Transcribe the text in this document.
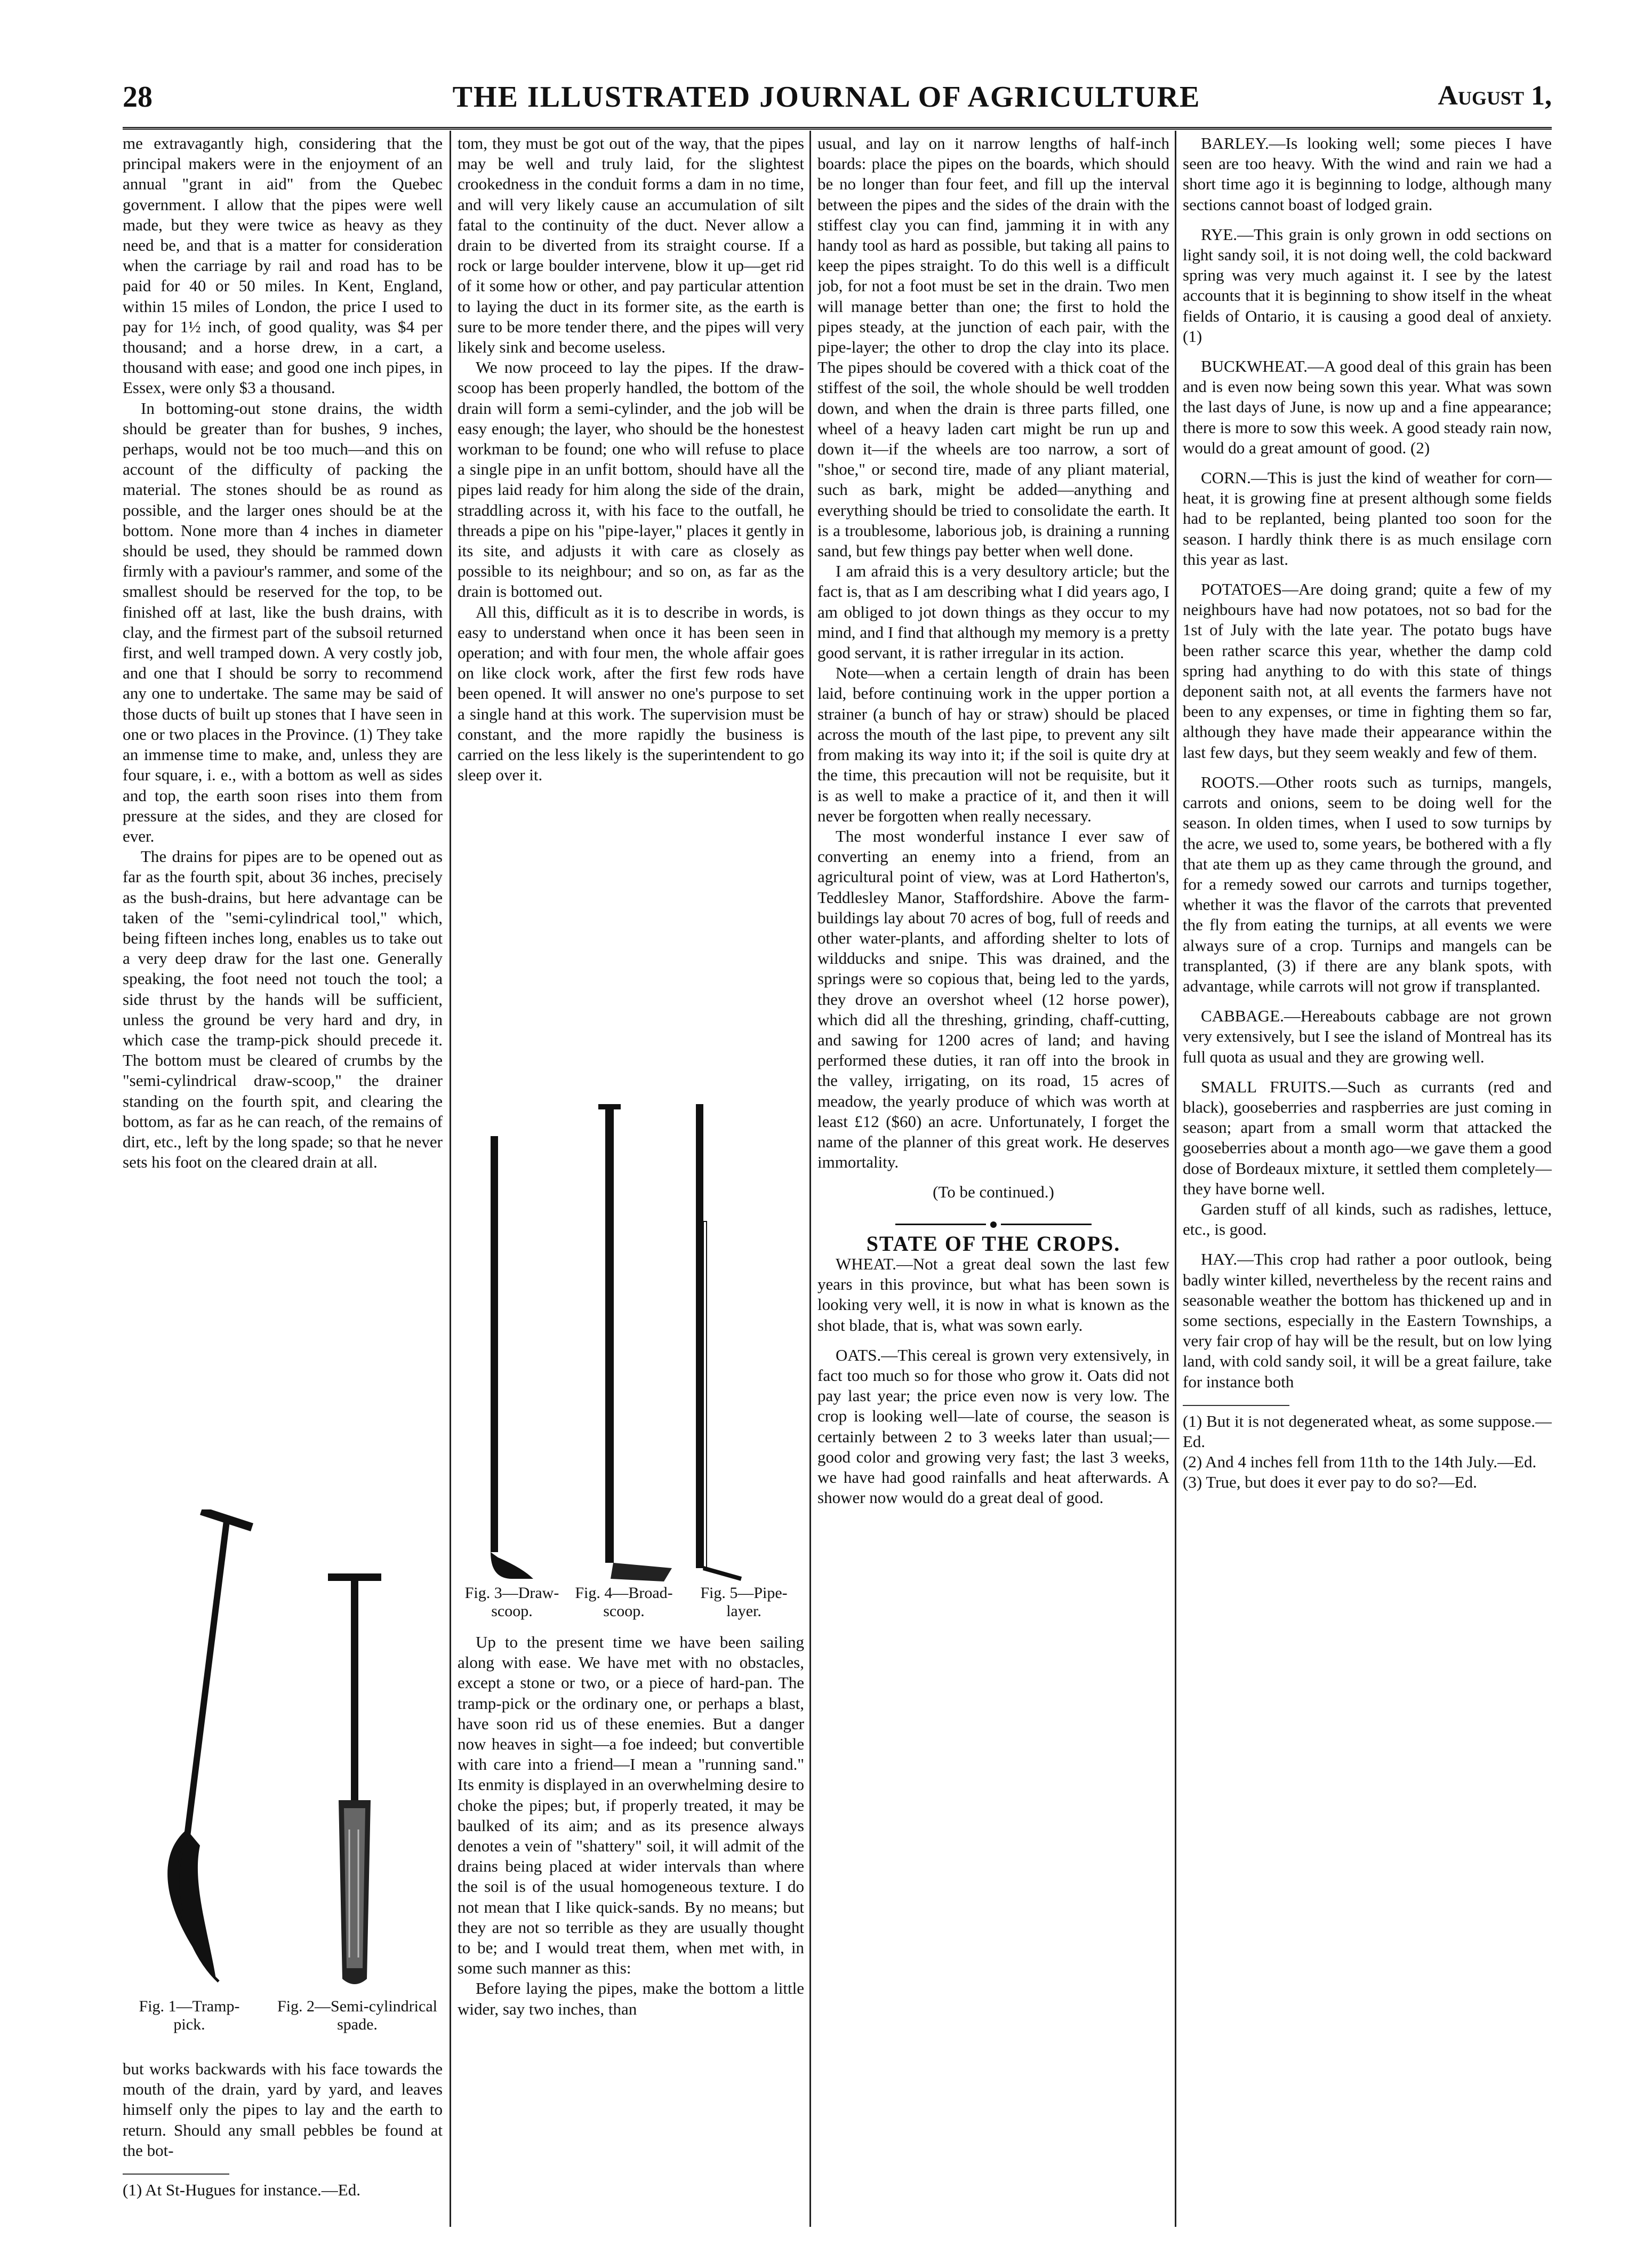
28	THE ILLUSTRATED JOURNAL OF AGRICULTURE	August 1,

me extravagantly high, considering that the principal makers were in the enjoyment of an annual "grant in aid" from the Quebec government. I allow that the pipes were well made, but they were twice as heavy as they need be, and that is a matter for consideration when the carriage by rail and road has to be paid for 40 or 50 miles. In Kent, England, within 15 miles of London, the price I used to pay for 1½ inch, of good quality, was $4 per thousand; and a horse drew, in a cart, a thousand with ease; and good one inch pipes, in Essex, were only $3 a thousand.

In bottoming-out stone drains, the width should be greater than for bushes, 9 inches, perhaps, would not be too much—and this on account of the difficulty of packing the material. The stones should be as round as possible, and the larger ones should be at the bottom. None more than 4 inches in diameter should be used, they should be rammed down firmly with a paviour's rammer, and some of the smallest should be reserved for the top, to be finished off at last, like the bush drains, with clay, and the firmest part of the subsoil returned first, and well tramped down. A very costly job, and one that I should be sorry to recommend any one to undertake. The same may be said of those ducts of built up stones that I have seen in one or two places in the Province. (1) They take an immense time to make, and, unless they are four square, i. e., with a bottom as well as sides and top, the earth soon rises into them from pressure at the sides, and they are closed for ever.

The drains for pipes are to be opened out as far as the fourth spit, about 36 inches, precisely as the bush-drains, but here advantage can be taken of the "semi-cylindrical tool," which, being fifteen inches long, enables us to take out a very deep draw for the last one. Generally speaking, the foot need not touch the tool; a side thrust by the hands will be sufficient, unless the ground be very hard and dry, in which case the tramp-pick should precede it. The bottom must be cleared of crumbs by the "semi-cylindrical draw-scoop," the drainer standing on the fourth spit, and clearing the bottom, as far as he can reach, of the remains of dirt, etc., left by the long spade; so that he never sets his foot on the cleared drain at all.

Fig. 1—Tramp-pick.
Fig. 2—Semi-cylindrical spade.

but works backwards with his face towards the mouth of the drain, yard by yard, and leaves himself only the pipes to lay and the earth to return. Should any small pebbles be found at the bot-

(1) At St-Hugues for instance.—Ed.

tom, they must be got out of the way, that the pipes may be well and truly laid, for the slightest crookedness in the conduit forms a dam in no time, and will very likely cause an accumulation of silt fatal to the continuity of the duct. Never allow a drain to be diverted from its straight course. If a rock or large boulder intervene, blow it up—get rid of it some how or other, and pay particular attention to laying the duct in its former site, as the earth is sure to be more tender there, and the pipes will very likely sink and become useless.

We now proceed to lay the pipes. If the draw-scoop has been properly handled, the bottom of the drain will form a semi-cylinder, and the job will be easy enough; the layer, who should be the honestest workman to be found; one who will refuse to place a single pipe in an unfit bottom, should have all the pipes laid ready for him along the side of the drain, straddling across it, with his face to the outfall, he threads a pipe on his "pipe-layer," places it gently in its site, and adjusts it with care as closely as possible to its neighbour; and so on, as far as the drain is bottomed out.

All this, difficult as it is to describe in words, is easy to understand when once it has been seen in operation; and with four men, the whole affair goes on like clock work, after the first few rods have been opened. It will answer no one's purpose to set a single hand at this work. The supervision must be constant, and the more rapidly the business is carried on the less likely is the superintendent to go sleep over it.

Fig. 3—Draw-scoop.
Fig. 4—Broad-scoop.
Fig. 5—Pipe-layer.

Up to the present time we have been sailing along with ease. We have met with no obstacles, except a stone or two, or a piece of hard-pan. The tramp-pick or the ordinary one, or perhaps a blast, have soon rid us of these enemies. But a danger now heaves in sight—a foe indeed; but convertible with care into a friend—I mean a "running sand." Its enmity is displayed in an overwhelming desire to choke the pipes; but, if properly treated, it may be baulked of its aim; and as its presence always denotes a vein of "shattery" soil, it will admit of the drains being placed at wider intervals than where the soil is of the usual homogeneous texture. I do not mean that I like quick-sands. By no means; but they are not so terrible as they are usually thought to be; and I would treat them, when met with, in some such manner as this:

Before laying the pipes, make the bottom a little wider, say two inches, than

usual, and lay on it narrow lengths of half-inch boards: place the pipes on the boards, which should be no longer than four feet, and fill up the interval between the pipes and the sides of the drain with the stiffest clay you can find, jamming it in with any handy tool as hard as possible, but taking all pains to keep the pipes straight. To do this well is a difficult job, for not a foot must be set in the drain. Two men will manage better than one; the first to hold the pipes steady, at the junction of each pair, with the pipe-layer; the other to drop the clay into its place. The pipes should be covered with a thick coat of the stiffest of the soil, the whole should be well trodden down, and when the drain is three parts filled, one wheel of a heavy laden cart might be run up and down it—if the wheels are too narrow, a sort of "shoe," or second tire, made of any pliant material, such as bark, might be added—anything and everything should be tried to consolidate the earth. It is a troublesome, laborious job, is draining a running sand, but few things pay better when well done.

I am afraid this is a very desultory article; but the fact is, that as I am describing what I did years ago, I am obliged to jot down things as they occur to my mind, and I find that although my memory is a pretty good servant, it is rather irregular in its action.

Note—when a certain length of drain has been laid, before continuing work in the upper portion a strainer (a bunch of hay or straw) should be placed across the mouth of the last pipe, to prevent any silt from making its way into it; if the soil is quite dry at the time, this precaution will not be requisite, but it is as well to make a practice of it, and then it will never be forgotten when really necessary.

The most wonderful instance I ever saw of converting an enemy into a friend, from an agricultural point of view, was at Lord Hatherton's, Teddlesley Manor, Staffordshire. Above the farm-buildings lay about 70 acres of bog, full of reeds and other water-plants, and affording shelter to lots of wildducks and snipe. This was drained, and the springs were so copious that, being led to the yards, they drove an overshot wheel (12 horse power), which did all the threshing, grinding, chaff-cutting, and sawing for 1200 acres of land; and having performed these duties, it ran off into the brook in the valley, irrigating, on its road, 15 acres of meadow, the yearly produce of which was worth at least £12 ($60) an acre. Unfortunately, I forget the name of the planner of this great work. He deserves immortality.

(To be continued.)

STATE OF THE CROPS.

WHEAT.—Not a great deal sown the last few years in this province, but what has been sown is looking very well, it is now in what is known as the shot blade, that is, what was sown early.

OATS.—This cereal is grown very extensively, in fact too much so for those who grow it. Oats did not pay last year; the price even now is very low. The crop is looking well—late of course, the season is certainly between 2 to 3 weeks later than usual;—good color and growing very fast; the last 3 weeks, we have had good rainfalls and heat afterwards. A shower now would do a great deal of good.

BARLEY.—Is looking well; some pieces I have seen are too heavy. With the wind and rain we had a short time ago it is beginning to lodge, although many sections cannot boast of lodged grain.

RYE.—This grain is only grown in odd sections on light sandy soil, it is not doing well, the cold backward spring was very much against it. I see by the latest accounts that it is beginning to show itself in the wheat fields of Ontario, it is causing a good deal of anxiety. (1)

BUCKWHEAT.—A good deal of this grain has been and is even now being sown this year. What was sown the last days of June, is now up and a fine appearance; there is more to sow this week. A good steady rain now, would do a great amount of good. (2)

CORN.—This is just the kind of weather for corn—heat, it is growing fine at present although some fields had to be replanted, being planted too soon for the season. I hardly think there is as much ensilage corn this year as last.

POTATOES—Are doing grand; quite a few of my neighbours have had now potatoes, not so bad for the 1st of July with the late year. The potato bugs have been rather scarce this year, whether the damp cold spring had anything to do with this state of things deponent saith not, at all events the farmers have not been to any expenses, or time in fighting them so far, although they have made their appearance within the last few days, but they seem weakly and few of them.

ROOTS.—Other roots such as turnips, mangels, carrots and onions, seem to be doing well for the season. In olden times, when I used to sow turnips by the acre, we used to, some years, be bothered with a fly that ate them up as they came through the ground, and for a remedy sowed our carrots and turnips together, whether it was the flavor of the carrots that prevented the fly from eating the turnips, at all events we were always sure of a crop. Turnips and mangels can be transplanted, (3) if there are any blank spots, with advantage, while carrots will not grow if transplanted.

CABBAGE.—Hereabouts cabbage are not grown very extensively, but I see the island of Montreal has its full quota as usual and they are growing well.

SMALL FRUITS.—Such as currants (red and black), gooseberries and raspberries are just coming in season; apart from a small worm that attacked the gooseberries about a month ago—we gave them a good dose of Bordeaux mixture, it settled them completely—they have borne well.

Garden stuff of all kinds, such as radishes, lettuce, etc., is good.

HAY.—This crop had rather a poor outlook, being badly winter killed, nevertheless by the recent rains and seasonable weather the bottom has thickened up and in some sections, especially in the Eastern Townships, a very fair crop of hay will be the result, but on low lying land, with cold sandy soil, it will be a great failure, take for instance both

(1) But it is not degenerated wheat, as some suppose.—Ed.

(2) And 4 inches fell from 11th to the 14th July.—Ed.

(3) True, but does it ever pay to do so?—Ed.
